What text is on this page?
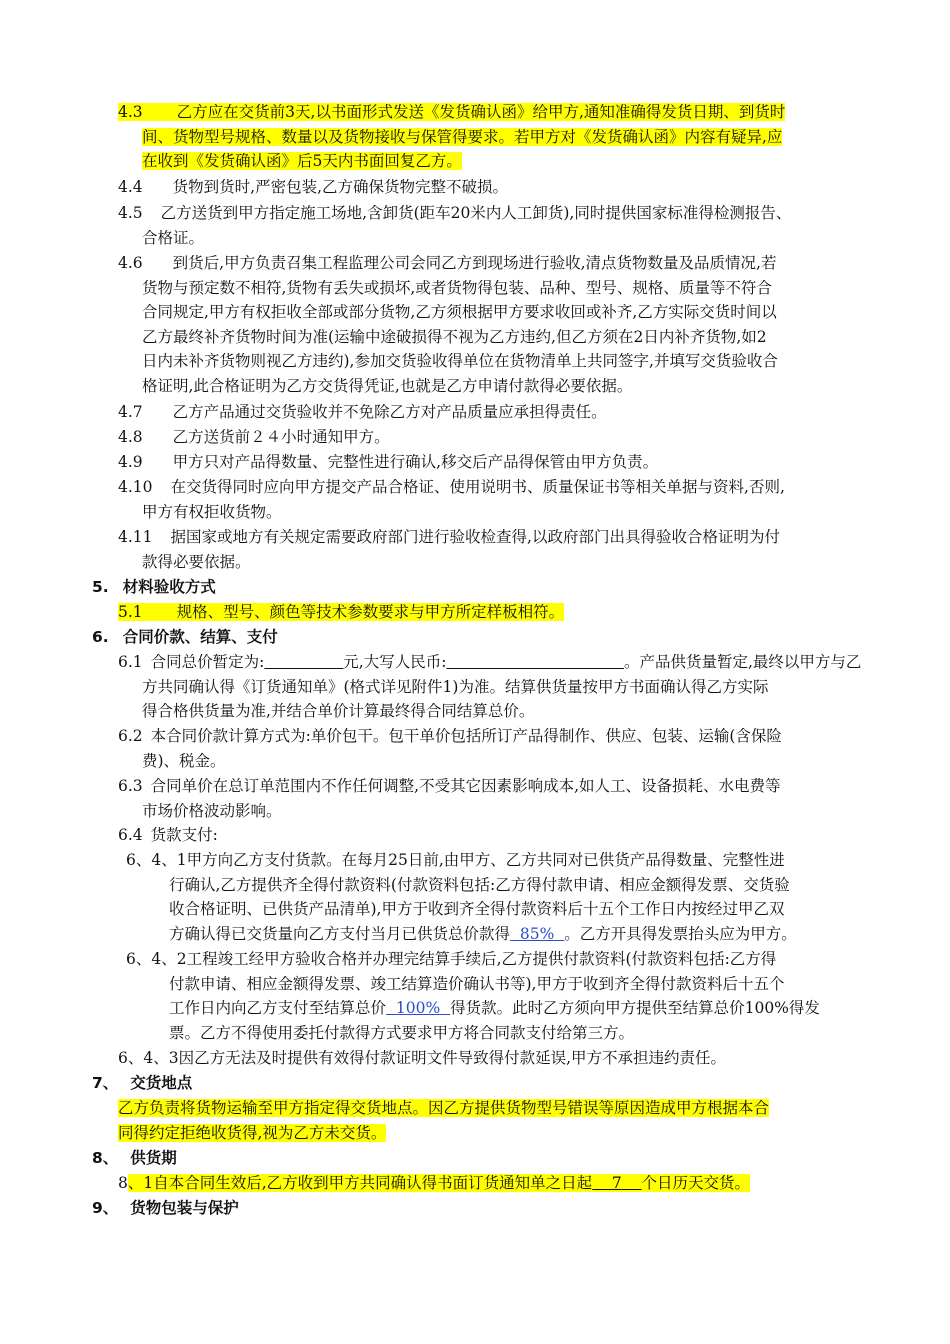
4.3 乙方应在交货前3天,以书面形式发送《发货确认函》给甲方,通知准确得发货日期、到货时
间、货物型号规格、数量以及货物接收与保管得要求。若甲方对《发货确认函》内容有疑异,应
在收到《发货确认函》后5天内书面回复乙方。
4.4 货物到货时,严密包装,乙方确保货物完整不破损。
4.5 乙方送货到甲方指定施工场地,含卸货(距车20米内人工卸货),同时提供国家标准得检测报告、
合格证。
4.6 到货后,甲方负责召集工程监理公司会同乙方到现场进行验收,清点货物数量及品质情况,若
货物与预定数不相符,货物有丢失或损坏,或者货物得包装、品种、型号、规格、质量等不符合
合同规定,甲方有权拒收全部或部分货物,乙方须根据甲方要求收回或补齐,乙方实际交货时间以
乙方最终补齐货物时间为准(运输中途破损得不视为乙方违约,但乙方须在2日内补齐货物,如2
日内未补齐货物则视乙方违约),参加交货验收得单位在货物清单上共同签字,并填写交货验收合
格证明,此合格证明为乙方交货得凭证,也就是乙方申请付款得必要依据。
4.7 乙方产品通过交货验收并不免除乙方对产品质量应承担得责任。
4.8 乙方送货前２４小时通知甲方。
4.9 甲方只对产品得数量、完整性进行确认,移交后产品得保管由甲方负责。
4.10 在交货得同时应向甲方提交产品合格证、使用说明书、质量保证书等相关单据与资料,否则,
甲方有权拒收货物。
4.11 据国家或地方有关规定需要政府部门进行验收检查得,以政府部门出具得验收合格证明为付
款得必要依据。
5. 材料验收方式
5.1 规格、型号、颜色等技术参数要求与甲方所定样板相符。
6. 合同价款、结算、支付
6.1 合同总价暂定为:        	元,大写人民币:                  	。产品供货量暂定,最终以甲方与乙
方共同确认得《订货通知单》(格式详见附件1)为准。结算供货量按甲方书面确认得乙方实际
得合格供货量为准,并结合单价计算最终得合同结算总价。
6.2 本合同价款计算方式为:单价包干。包干单价包括所订产品得制作、供应、包装、运输(含保险
费)、税金。
6.3 合同单价在总订单范围内不作任何调整,不受其它因素影响成本,如人工、设备损耗、水电费等
市场价格波动影响。
6.4 货款支付:
6、4、1甲方向乙方支付货款。在每月25日前,由甲方、乙方共同对已供货产品得数量、完整性进
行确认,乙方提供齐全得付款资料(付款资料包括:乙方得付款申请、相应金额得发票、交货验
收合格证明、已供货产品清单),甲方于收到齐全得付款资料后十五个工作日内按经过甲乙双
方确认得已交货量向乙方支付当月已供货总价款得  85%  。乙方开具得发票抬头应为甲方。
6、4、2工程竣工经甲方验收合格并办理完结算手续后,乙方提供付款资料(付款资料包括:乙方得
付款申请、相应金额得发票、竣工结算造价确认书等),甲方于收到齐全得付款资料后十五个
工作日内向乙方支付至结算总价  100%  得货款。此时乙方须向甲方提供至结算总价100%得发
票。乙方不得使用委托付款得方式要求甲方将合同款支付给第三方。
6、4、3因乙方无法及时提供有效得付款证明文件导致得付款延误,甲方不承担违约责任。
7、 交货地点
乙方负责将货物运输至甲方指定得交货地点。因乙方提供货物型号错误等原因造成甲方根据本合
同得约定拒绝收货得,视为乙方未交货。
8、 供货期
8、1自本合同生效后,乙方收到甲方共同确认得书面订货通知单之日起   7   个日历天交货。
9、 货物包装与保护
